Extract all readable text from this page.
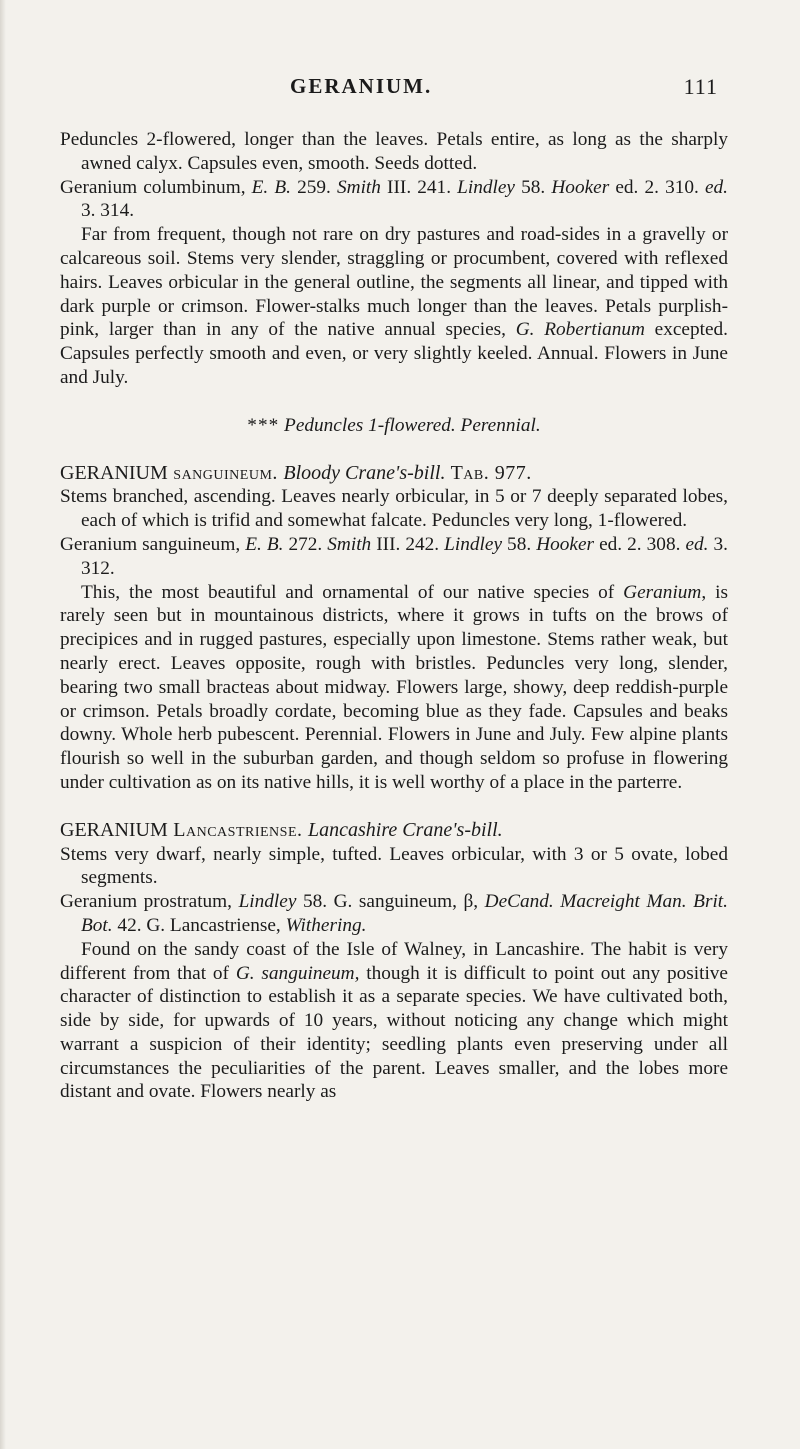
GERANIUM.	111

Peduncles 2-flowered, longer than the leaves. Petals entire, as long as the sharply awned calyx. Capsules even, smooth. Seeds dotted.

Geranium columbinum, E. B. 259. Smith III. 241. Lindley 58. Hooker ed. 2. 310. ed. 3. 314.

Far from frequent, though not rare on dry pastures and road-sides in a gravelly or calcareous soil. Stems very slender, straggling or procumbent, covered with reflexed hairs. Leaves orbicular in the general outline, the segments all linear, and tipped with dark purple or crimson. Flower-stalks much longer than the leaves. Petals purplish-pink, larger than in any of the native annual species, G. Robertianum excepted. Capsules perfectly smooth and even, or very slightly keeled. Annual. Flowers in June and July.

*** Peduncles 1-flowered. Perennial.

GERANIUM sanguineum. Bloody Crane's-bill. Tab. 977.

Stems branched, ascending. Leaves nearly orbicular, in 5 or 7 deeply separated lobes, each of which is trifid and somewhat falcate. Peduncles very long, 1-flowered.

Geranium sanguineum, E. B. 272. Smith III. 242. Lindley 58. Hooker ed. 2. 308. ed. 3. 312.

This, the most beautiful and ornamental of our native species of Geranium, is rarely seen but in mountainous districts, where it grows in tufts on the brows of precipices and in rugged pastures, especially upon limestone. Stems rather weak, but nearly erect. Leaves opposite, rough with bristles. Peduncles very long, slender, bearing two small bracteas about midway. Flowers large, showy, deep reddish-purple or crimson. Petals broadly cordate, becoming blue as they fade. Capsules and beaks downy. Whole herb pubescent. Perennial. Flowers in June and July. Few alpine plants flourish so well in the suburban garden, and though seldom so profuse in flowering under cultivation as on its native hills, it is well worthy of a place in the parterre.

GERANIUM Lancastriense. Lancashire Crane's-bill.

Stems very dwarf, nearly simple, tufted. Leaves orbicular, with 3 or 5 ovate, lobed segments.

Geranium prostratum, Lindley 58. G. sanguineum, β, DeCand. Macreight Man. Brit. Bot. 42. G. Lancastriense, Withering.

Found on the sandy coast of the Isle of Walney, in Lancashire. The habit is very different from that of G. sanguineum, though it is difficult to point out any positive character of distinction to establish it as a separate species. We have cultivated both, side by side, for upwards of 10 years, without noticing any change which might warrant a suspicion of their identity; seedling plants even preserving under all circumstances the peculiarities of the parent. Leaves smaller, and the lobes more distant and ovate. Flowers nearly as
